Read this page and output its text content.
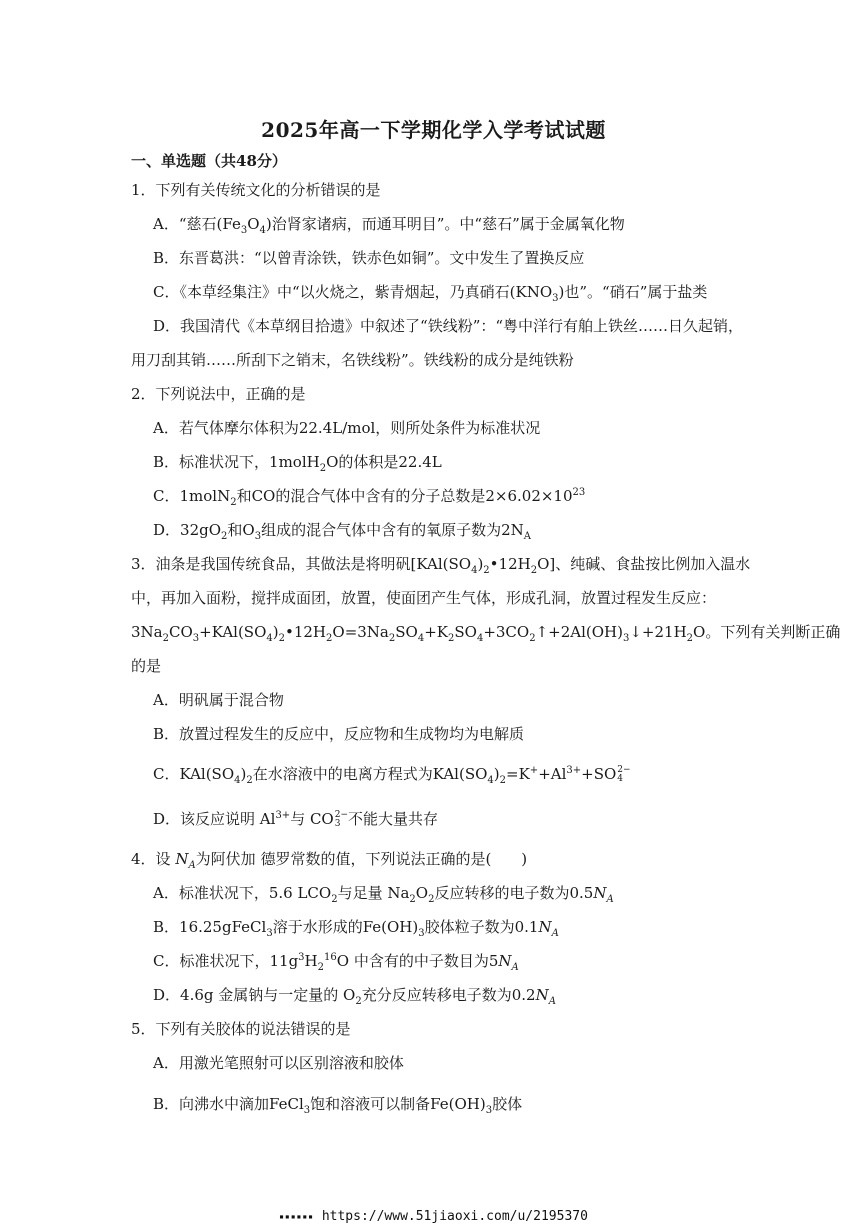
2025年高一下学期化学入学考试试题
一、单选题（共48分）
1．下列有关传统文化的分析错误的是
A．“慈石$(Fe_3O_4)$治肾家诸病，而通耳明目”。中“慈石”属于金属氧化物
B．东晋葛洪：“以曾青涂铁，铁赤色如铜”。文中发生了置换反应
C．《本草经集注》中“以火烧之，紫青烟起，乃真硝石$(KNO_3)$也”。“硝石”属于盐类
D．我国清代《本草纲目拾遗》中叙述了“铁线粉”：“粤中洋行有舶上铁丝……日久起销，
用刀刮其销……所刮下之销末，名铁线粉”。铁线粉的成分是纯铁粉
2．下列说法中，正确的是
A．若气体摩尔体积为22.4L/mol，则所处条件为标准状况
B．标准状况下，1molH$_2$O的体积是22.4L
C．1molN$_2$和CO的混合气体中含有的分子总数是$2\times 6.02\times 10^{23}$
D．$32gO_2$和$O_3$组成的混合气体中含有的氧原子数为$2N_A$
3．油条是我国传统食品，其做法是将明矾$[KAl(SO_4)_2•12H_2O]$、纯碱、食盐按比例加入温水
中，再加入面粉，搅拌成面团，放置，使面团产生气体，形成孔洞，放置过程发生反应：
$3Na_2CO_3+KAl(SO_4)_2•12H_2O=3Na_2SO_4+K_2SO_4+3CO_2↑+2Al(OH)_3↓+21H_2O$。下列有关判断正确
的是
A．明矾属于混合物
B．放置过程发生的反应中，反应物和生成物均为电解质
C．$KAl(SO_4)_2$在水溶液中的电离方程式为$KAl(SO_4)_2=K^++Al^{3+}+SO$ 2−
4
D．该反应说明 $Al^{3+}$与 CO 2−
3 不能大量共存
4．设 $N_A$为阿伏加 德罗常数的值，下列说法正确的是(　　)
A．标准状况下，5.6 $LCO_2$与足量 $Na_2O_2$反应转移的电子数为$0.5N_A$
B．16.25gFeCl$_3$溶于水形成的$Fe(OH)_3$胶体粒子数为$0.1N_A$
C．标准状况下，$11g^3H_2^{16}O$ 中含有的中子数目为$5N_A$
D．4.6g 金属钠与一定量的 $O_2$充分反应转移电子数为$0.2N_A$
5．下列有关胶体的说法错误的是
A．用激光笔照射可以区别溶液和胶体
B．向沸水中滴加FeCl$_3$饱和溶液可以制备$Fe(OH)_3$胶体
▪▪▪▪▪▪ https://www.51jiaoxi.com/u/2195370
